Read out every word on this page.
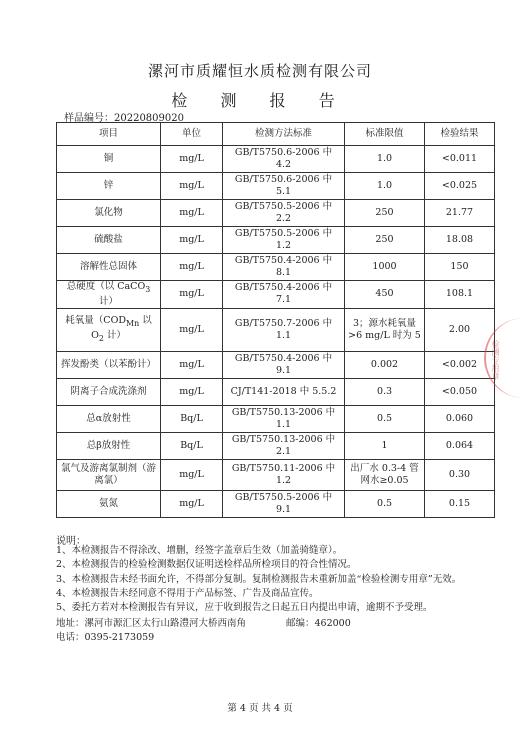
漯河市质耀恒水质检测有限公司
检 测 报 告
样品编号：20220809020
项目	单位	检测方法标准	标准限值	检验结果
铜	mg/L	GB/T5750.6-2006 中 4.2	1.0	<0.011
锌	mg/L	GB/T5750.6-2006 中 5.1	1.0	<0.025
氯化物	mg/L	GB/T5750.5-2006 中 2.2	250	21.77
硫酸盐	mg/L	GB/T5750.5-2006 中 1.2	250	18.08
溶解性总固体	mg/L	GB/T5750.4-2006 中 8.1	1000	150
总硬度（以 CaCO$_3$ 计）	mg/L	GB/T5750.4-2006 中 7.1	450	108.1
耗氧量（$COD_{Mn}$ 以 $O_2$ 计）	mg/L	GB/T5750.7-2006 中 1.1	3；源水耗氧量>6 mg/L 时为 5	2.00
挥发酚类（以苯酚计）	mg/L	GB/T5750.4-2006 中 9.1	0.002	<0.002
阴离子合成洗涤剂	mg/L	CJ/T141-2018 中 5.5.2	0.3	<0.050
总α放射性	Bq/L	GB/T5750.13-2006 中 1.1	0.5	0.060
总β放射性	Bq/L	GB/T5750.13-2006 中 2.1	1	0.064
氯气及游离氯制剂（游离氯）	mg/L	GB/T5750.11-2006 中 1.2	出厂水 0.3-4 管网水≥0.05	0.30
氨氮	mg/L	GB/T5750.5-2006 中 9.1	0.5	0.15
说明：
1、本检测报告不得涂改、增删，经签字盖章后生效（加盖骑缝章）。
2、本检测报告的检验检测数据仅证明送检样品所检项目的符合性情况。
3、本检测报告未经书面允许，不得部分复制。复制检测报告未重新加盖“检验检测专用章”无效。
4、本检测报告未经同意不得用于产品标签、广告及商品宣传。
5、委托方若对本检测报告有异议，应于收到报告之日起五日内提出申请，逾期不予受理。
地址：漯河市源汇区太行山路澧河大桥西南角	邮编：462000
电话：0395-2173059
检测专用章
第 4 页 共 4 页
